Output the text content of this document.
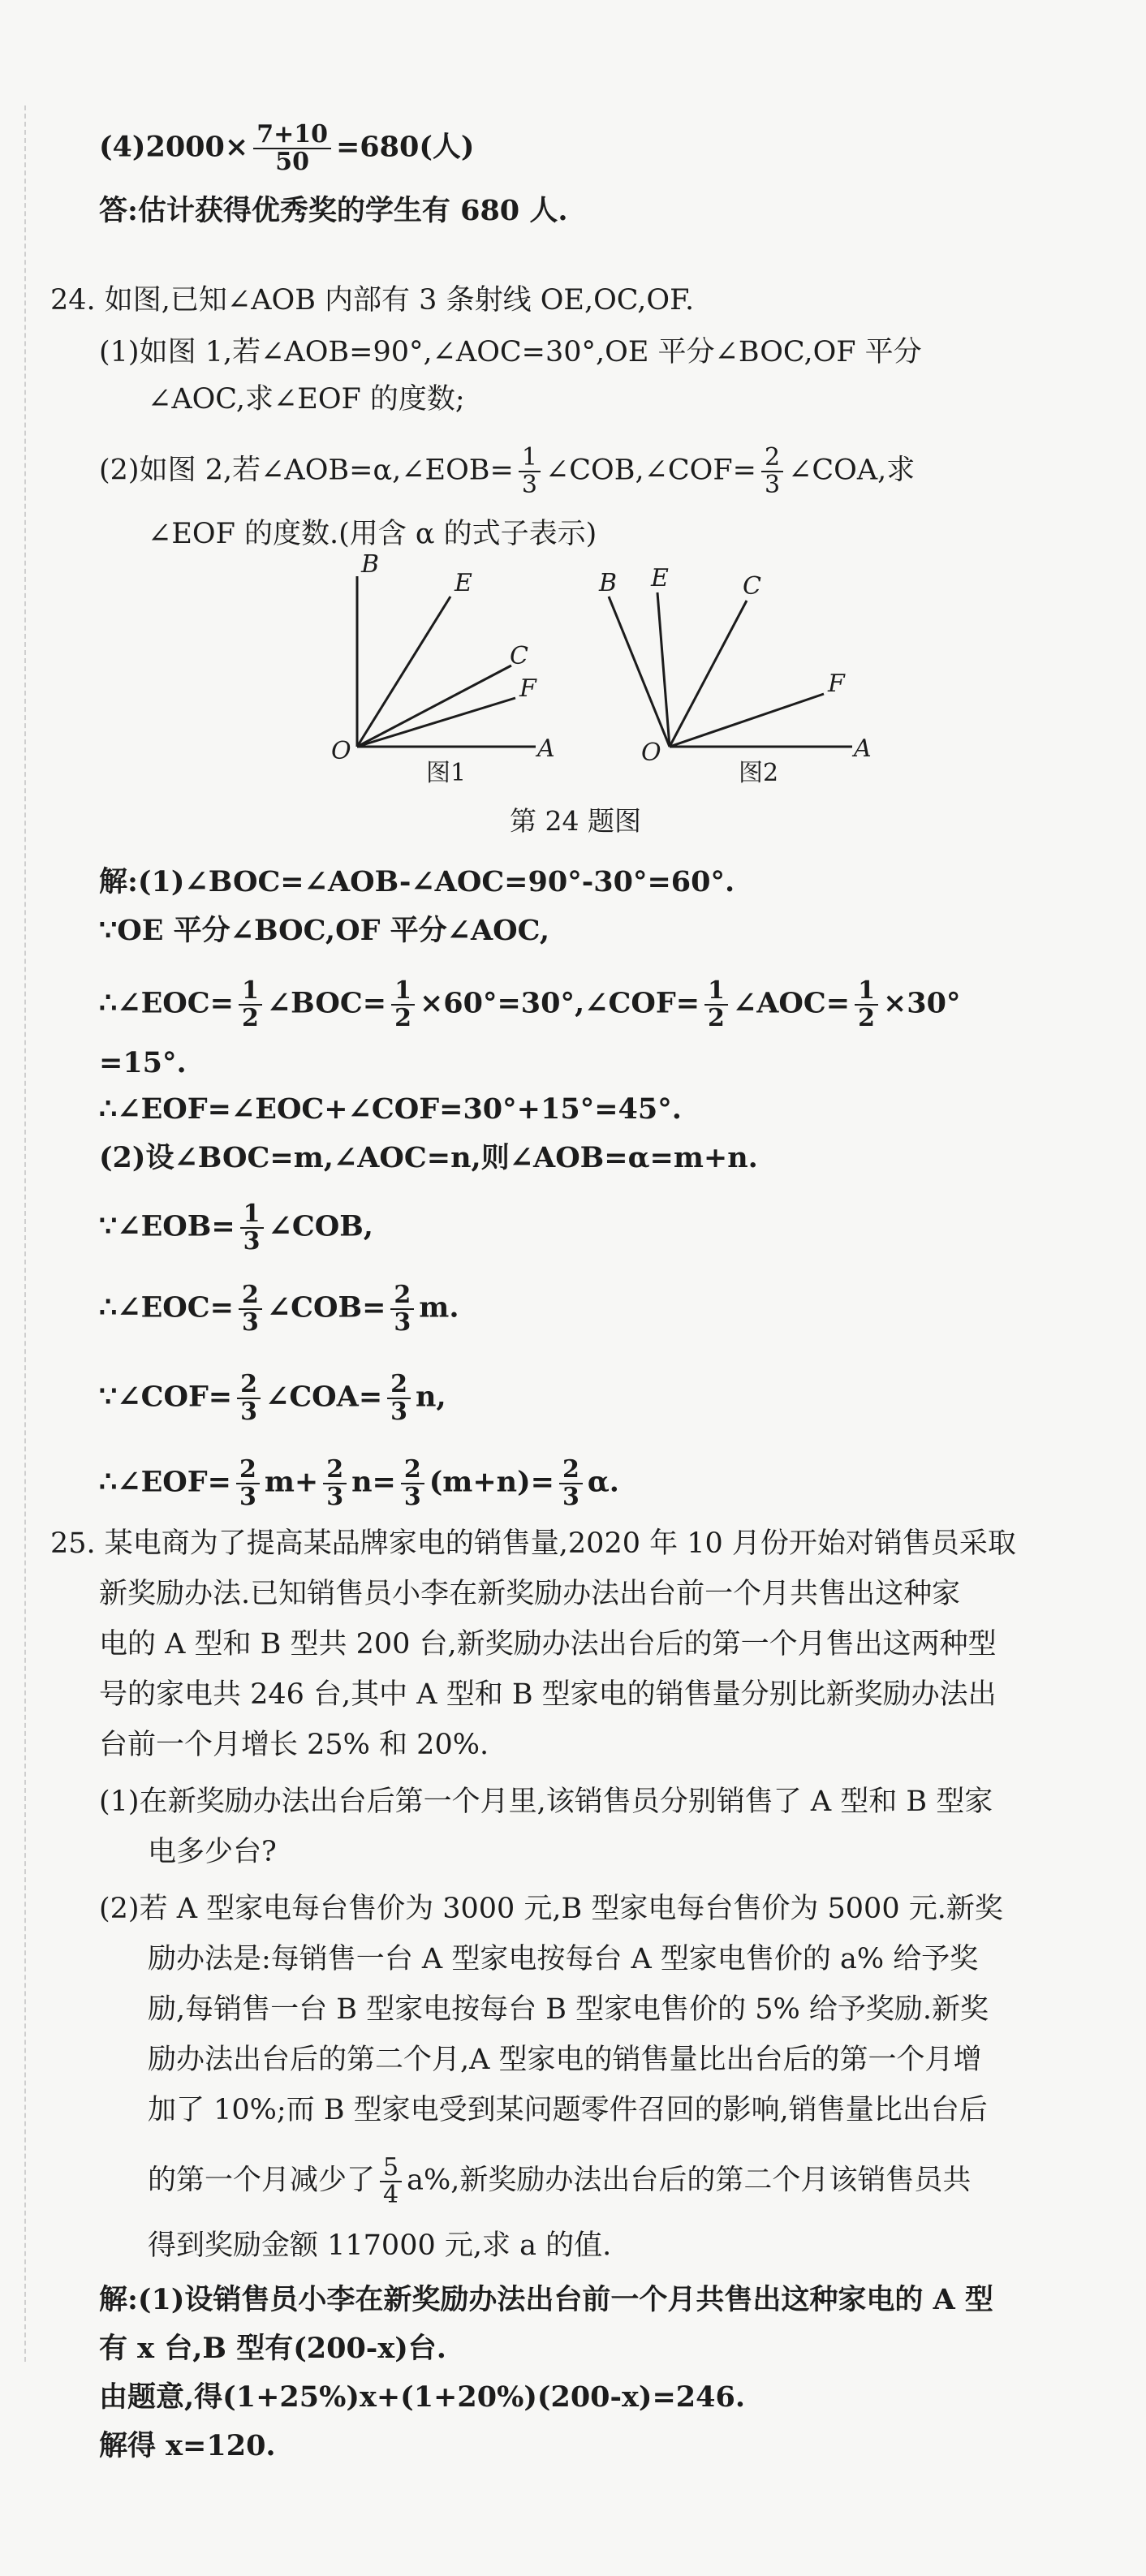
$(4)2000\times \frac{7+10}{50} =680$(人)
答:估计获得优秀奖的学生有 680 人.
24. 如图,已知∠AOB 内部有 3 条射线 OE,OC,OF.
(1)如图 1,若∠AOB=90°,∠AOC=30°,OE 平分∠BOC,OF 平分
∠AOC,求∠EOF 的度数;
(2)如图 2,若∠AOB=α,∠EOB= $\frac{1}{3}$ ∠COB,∠COF= $\frac{2}{3}$ ∠COA,求
∠EOF 的度数.(用含 α 的式子表示)
B
E
C
F
O	A
图1
B E	C
F
O	A
图2
第 24 题图
解:(1)∠BOC=∠AOB-∠AOC=90°-30°=60°.
∵OE 平分∠BOC,OF 平分∠AOC,
∴∠EOC= $\frac{1}{2}$ ∠BOC= $\frac{1}{2}$ ×60°=30°,∠COF= $\frac{1}{2}$ ∠AOC= $\frac{1}{2} \times 30^\circ$
=15°.
∴∠EOF=∠EOC+∠COF=30°+15°=45°.
(2)设∠BOC=m,∠AOC=n,则∠AOB=α=m+n.
∵∠EOB= $\frac{1}{3}$ ∠COB,
∴∠EOC= $\frac{2}{3}$ ∠COB= $\frac{2}{3} m$.
∵∠COF= $\frac{2}{3}$ ∠COA= $\frac{2}{3} n$,
∴∠EOF= $\frac{2}{3} m+ \frac{2}{3} n= \frac{2}{3} (m+n)= \frac{2}{3} \alpha$.
25. 某电商为了提高某品牌家电的销售量,2020 年 10 月份开始对销售员采取
新奖励办法.已知销售员小李在新奖励办法出台前一个月共售出这种家
电的 A 型和 B 型共 200 台,新奖励办法出台后的第一个月售出这两种型
号的家电共 246 台,其中 A 型和 B 型家电的销售量分别比新奖励办法出
台前一个月增长 25% 和 20%.
(1)在新奖励办法出台后第一个月里,该销售员分别销售了 A 型和 B 型家
电多少台?
(2)若 A 型家电每台售价为 3000 元,B 型家电每台售价为 5000 元.新奖
励办法是:每销售一台 A 型家电按每台 A 型家电售价的 a% 给予奖
励,每销售一台 B 型家电按每台 B 型家电售价的 5% 给予奖励.新奖
励办法出台后的第二个月,A 型家电的销售量比出台后的第一个月增
加了 10%;而 B 型家电受到某问题零件召回的影响,销售量比出台后
的第一个月减少了 $\frac{5}{4} a\%$,新奖励办法出台后的第二个月该销售员共
得到奖励金额 117000 元,求 a 的值.
解:(1)设销售员小李在新奖励办法出台前一个月共售出这种家电的 A 型
有 x 台,B 型有(200-x)台.
由题意,得(1+25%)x+(1+20%)(200-x)=246.
解得 x=120.
